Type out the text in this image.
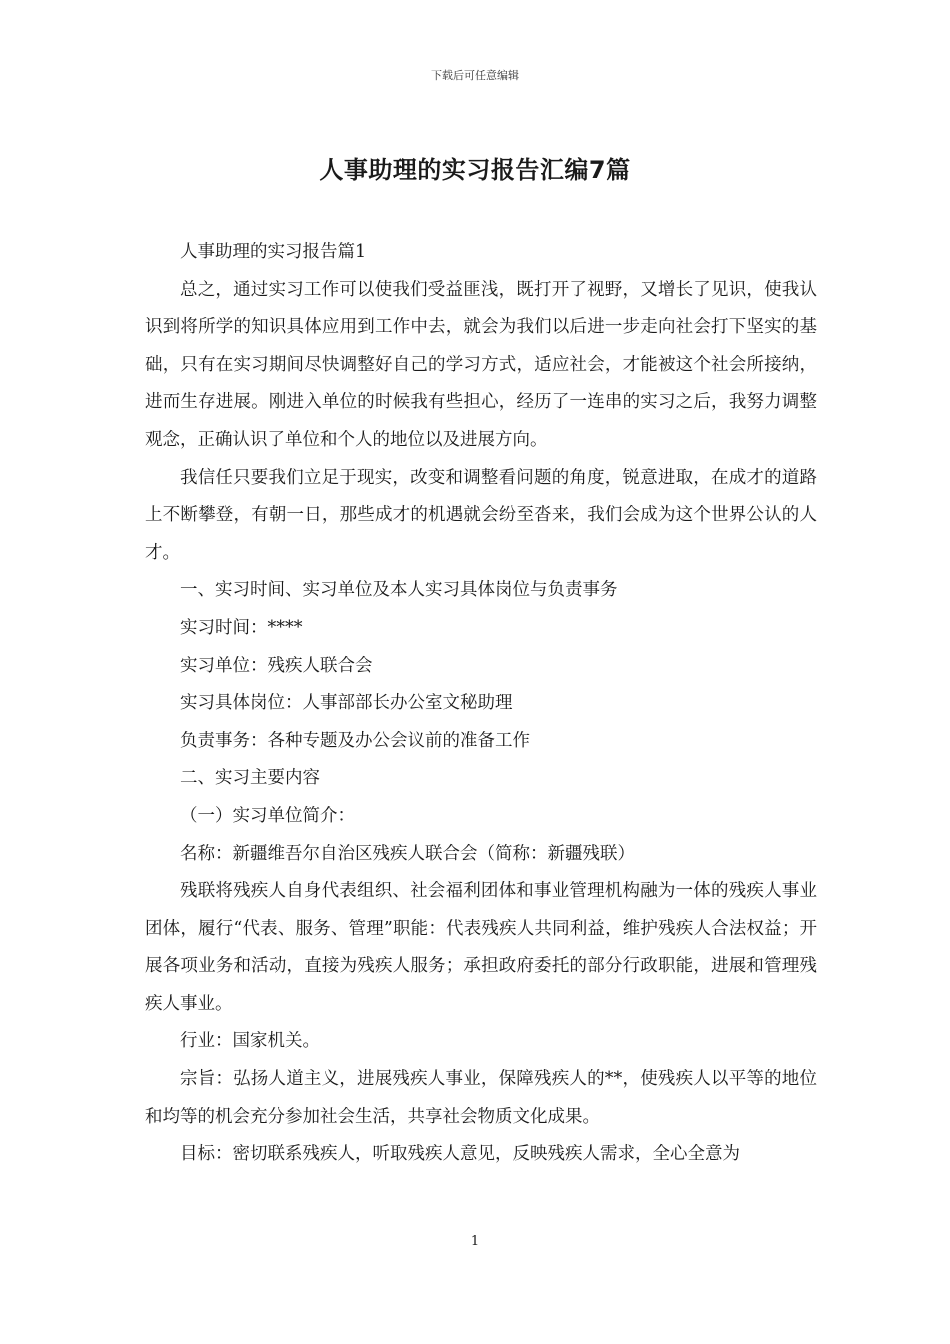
下载后可任意编辑
人事助理的实习报告汇编7篇

人事助理的实习报告篇1

总之，通过实习工作可以使我们受益匪浅，既打开了视野，又增长了见识，使我认识到将所学的知识具体应用到工作中去，就会为我们以后进一步走向社会打下坚实的基础，只有在实习期间尽快调整好自己的学习方式，适应社会，才能被这个社会所接纳，进而生存进展。刚进入单位的时候我有些担心，经历了一连串的实习之后，我努力调整观念，正确认识了单位和个人的地位以及进展方向。

我信任只要我们立足于现实，改变和调整看问题的角度，锐意进取，在成才的道路上不断攀登，有朝一日，那些成才的机遇就会纷至沓来，我们会成为这个世界公认的人才。

一、实习时间、实习单位及本人实习具体岗位与负责事务

实习时间：****

实习单位：残疾人联合会

实习具体岗位：人事部部长办公室文秘助理

负责事务：各种专题及办公会议前的准备工作

二、实习主要内容

（一）实习单位简介：

名称：新疆维吾尔自治区残疾人联合会（简称：新疆残联）

残联将残疾人自身代表组织、社会福利团体和事业管理机构融为一体的残疾人事业团体，履行“代表、服务、管理”职能：代表残疾人共同利益，维护残疾人合法权益；开展各项业务和活动，直接为残疾人服务；承担政府委托的部分行政职能，进展和管理残疾人事业。

行业：国家机关。

宗旨：弘扬人道主义，进展残疾人事业，保障残疾人的**，使残疾人以平等的地位和均等的机会充分参加社会生活，共享社会物质文化成果。

目标：密切联系残疾人，听取残疾人意见，反映残疾人需求，全心全意为

1
